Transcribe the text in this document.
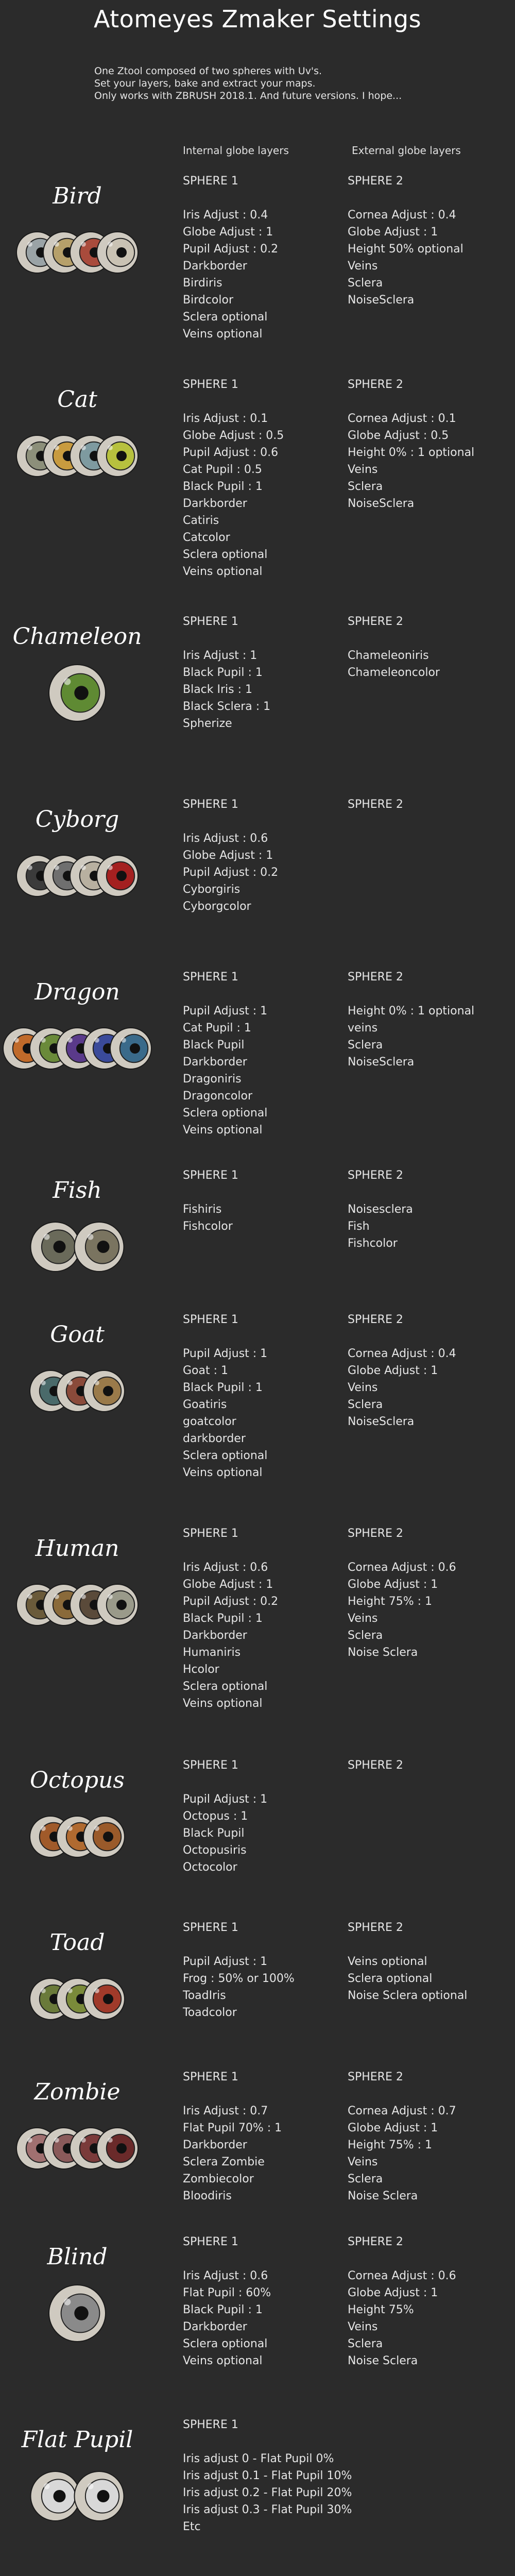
Atomeyes Zmaker Settings
One Ztool composed of two spheres with Uv's.
Set your layers, bake and extract your maps.
Only works with ZBRUSH 2018.1. And future versions. I hope...
Internal globe layers	External globe layers
Bird
SPHERE 1
Iris Adjust : 0.4
Globe Adjust : 1
Pupil Adjust : 0.2
Darkborder
Birdiris
Birdcolor
Sclera optional
Veins optional
SPHERE 2
Cornea Adjust : 0.4
Globe Adjust : 1
Height 50% optional
Veins
Sclera
NoiseSclera
Cat
SPHERE 1
Iris Adjust : 0.1
Globe Adjust : 0.5
Pupil Adjust : 0.6
Cat Pupil : 0.5
Black Pupil : 1
Darkborder
Catiris
Catcolor
Sclera optional
Veins optional
SPHERE 2
Cornea Adjust : 0.1
Globe Adjust : 0.5
Height 0% : 1 optional
Veins
Sclera
NoiseSclera
Chameleon
SPHERE 1
Iris Adjust : 1
Black Pupil : 1
Black Iris : 1
Black Sclera : 1
Spherize
SPHERE 2
Chameleoniris
Chameleoncolor
Cyborg
SPHERE 1
Iris Adjust : 0.6
Globe Adjust : 1
Pupil Adjust : 0.2
Cyborgiris
Cyborgcolor
SPHERE 2
Dragon
SPHERE 1
Pupil Adjust : 1
Cat Pupil : 1
Black Pupil
Darkborder
Dragoniris
Dragoncolor
Sclera optional
Veins optional
SPHERE 2
Height 0% : 1 optional
veins
Sclera
NoiseSclera
Fish
SPHERE 1
Fishiris
Fishcolor
SPHERE 2
Noisesclera
Fish
Fishcolor
Goat
SPHERE 1
Pupil Adjust : 1
Goat : 1
Black Pupil : 1
Goatiris
goatcolor
darkborder
Sclera optional
Veins optional
SPHERE 2
Cornea Adjust : 0.4
Globe Adjust : 1
Veins
Sclera
NoiseSclera
Human
SPHERE 1
Iris Adjust : 0.6
Globe Adjust : 1
Pupil Adjust : 0.2
Black Pupil : 1
Darkborder
Humaniris
Hcolor
Sclera optional
Veins optional
SPHERE 2
Cornea Adjust : 0.6
Globe Adjust : 1
Height 75% : 1
Veins
Sclera
Noise Sclera
Octopus
SPHERE 1
Pupil Adjust : 1
Octopus : 1
Black Pupil
Octopusiris
Octocolor
SPHERE 2
Toad
SPHERE 1
Pupil Adjust : 1
Frog : 50% or 100%
ToadIris
Toadcolor
SPHERE 2
Veins optional
Sclera optional
Noise Sclera optional
Zombie
SPHERE 1
Iris Adjust : 0.7
Flat Pupil 70% : 1
Darkborder
Sclera Zombie
Zombiecolor
Bloodiris
SPHERE 2
Cornea Adjust : 0.7
Globe Adjust : 1
Height 75% : 1
Veins
Sclera
Noise Sclera
Blind
SPHERE 1
Iris Adjust : 0.6
Flat Pupil : 60%
Black Pupil : 1
Darkborder
Sclera optional
Veins optional
SPHERE 2
Cornea Adjust : 0.6
Globe Adjust : 1
Height 75%
Veins
Sclera
Noise Sclera
Flat Pupil
SPHERE 1
Iris adjust 0 - Flat Pupil 0%
Iris adjust 0.1 - Flat Pupil 10%
Iris adjust 0.2 - Flat Pupil 20%
Iris adjust 0.3 - Flat Pupil 30%
Etc
